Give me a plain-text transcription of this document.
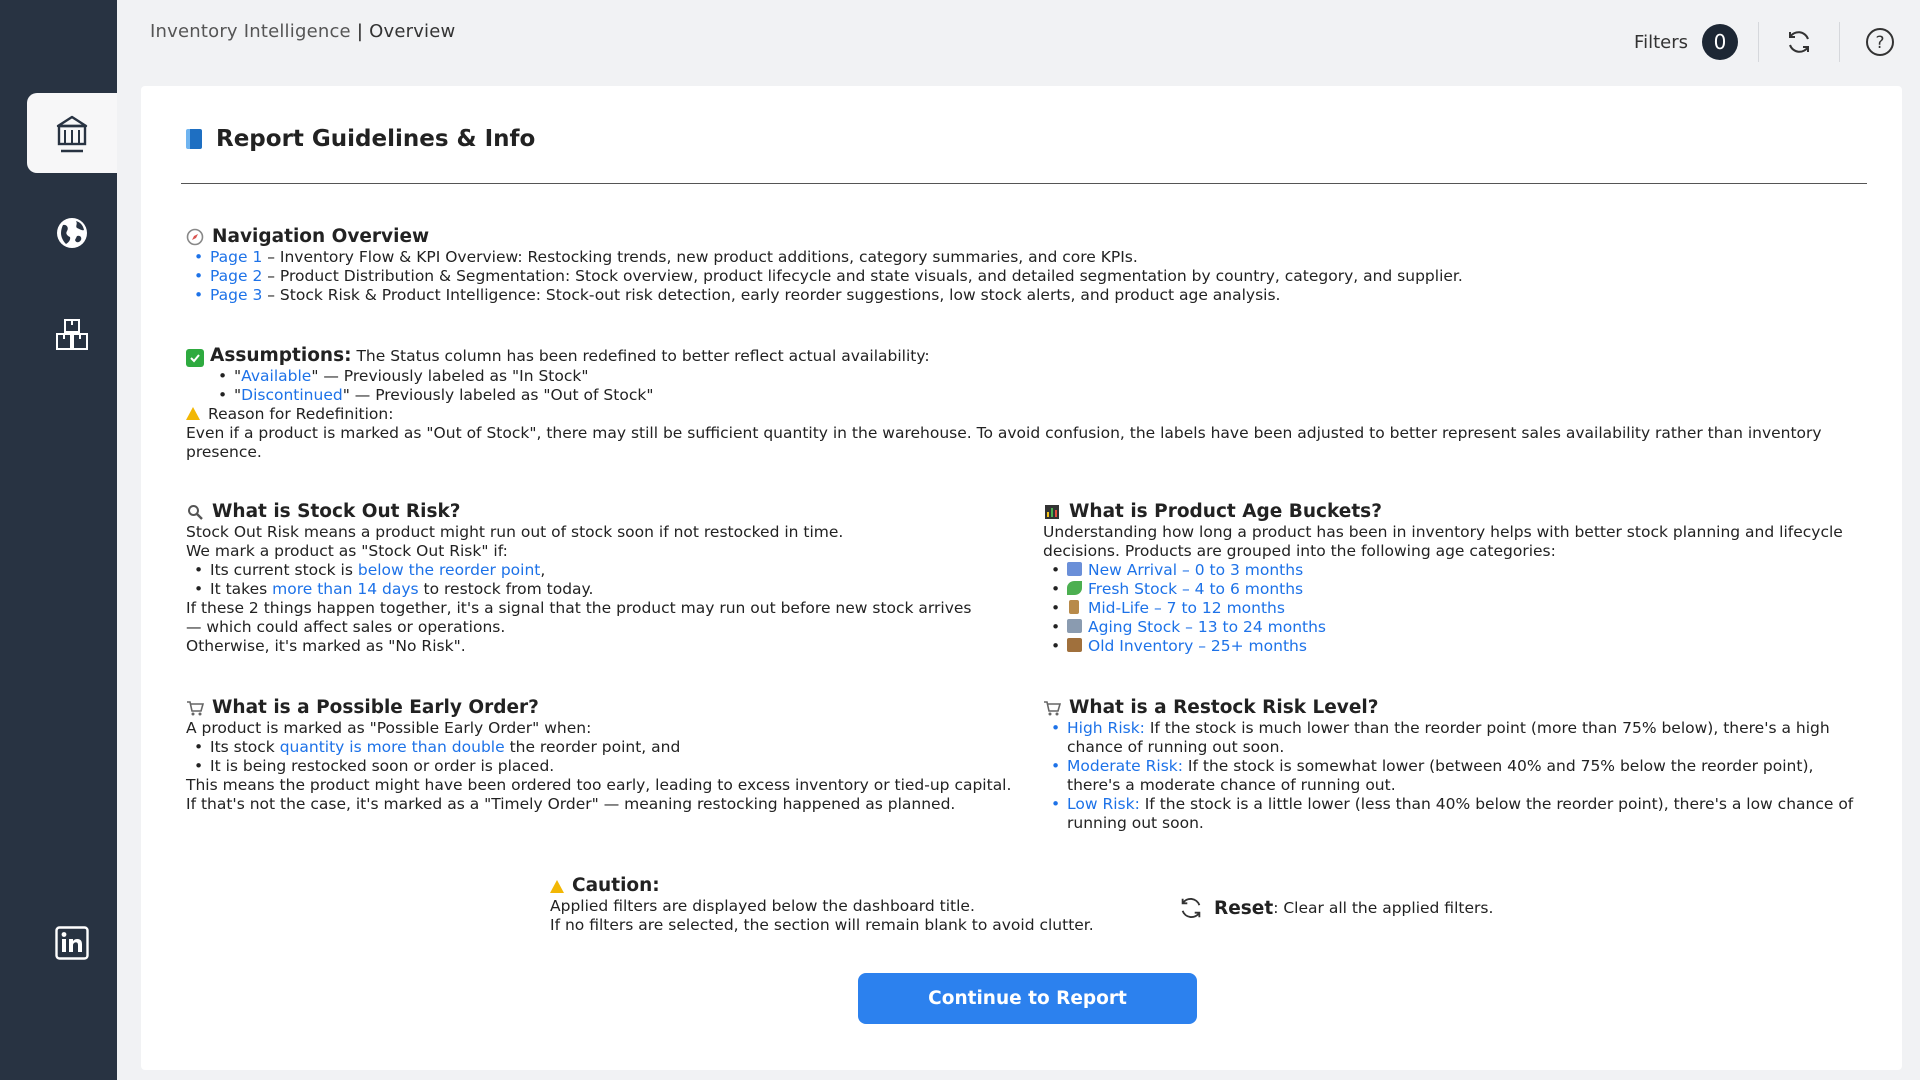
Inventory Intelligence | Overview	Filters	0	?
Report Guidelines & Info
Navigation Overview
• Page 1 – Inventory Flow & KPI Overview: Restocking trends, new product additions, category summaries, and core KPIs.
• Page 2 – Product Distribution & Segmentation: Stock overview, product lifecycle and state visuals, and detailed segmentation by country, category, and supplier.
• Page 3 – Stock Risk & Product Intelligence: Stock-out risk detection, early reorder suggestions, low stock alerts, and product age analysis.

Assumptions: The Status column has been redefined to better reflect actual availability:

• "Available" — Previously labeled as "In Stock"
• "Discontinued" — Previously labeled as "Out of Stock"

Reason for Redefinition:

Even if a product is marked as "Out of Stock", there may still be sufficient quantity in the warehouse. To avoid confusion, the labels have been adjusted to better represent sales availability rather than inventory presence.

What is Stock Out Risk?

Stock Out Risk means a product might run out of stock soon if not restocked in time.

We mark a product as "Stock Out Risk" if:

• Its current stock is below the reorder point,
• It takes more than 14 days to restock from today.

If these 2 things happen together, it's a signal that the product may run out before new stock arrives — which could affect sales or operations.

Otherwise, it's marked as "No Risk".

What is Product Age Buckets?

Understanding how long a product has been in inventory helps with better stock planning and lifecycle decisions. Products are grouped into the following age categories:

• New Arrival – 0 to 3 months
• Fresh Stock – 4 to 6 months
• Mid-Life – 7 to 12 months
• Aging Stock – 13 to 24 months
• Old Inventory – 25+ months
What is a Possible Early Order?

A product is marked as "Possible Early Order" when:

• Its stock quantity is more than double the reorder point, and
• It is being restocked soon or order is placed.

This means the product might have been ordered too early, leading to excess inventory or tied-up capital.

If that's not the case, it's marked as a "Timely Order" — meaning restocking happened as planned.

What is a Restock Risk Level?
• High Risk: If the stock is much lower than the reorder point (more than 75% below), there's a high chance of running out soon.
• Moderate Risk: If the stock is somewhat lower (between 40% and 75% below the reorder point), there's a moderate chance of running out.
• Low Risk: If the stock is a little lower (less than 40% below the reorder point), there's a low chance of running out soon.
Caution:

Applied filters are displayed below the dashboard title.

If no filters are selected, the section will remain blank to avoid clutter.

Reset : Clear all the applied filters.
Continue to Report
